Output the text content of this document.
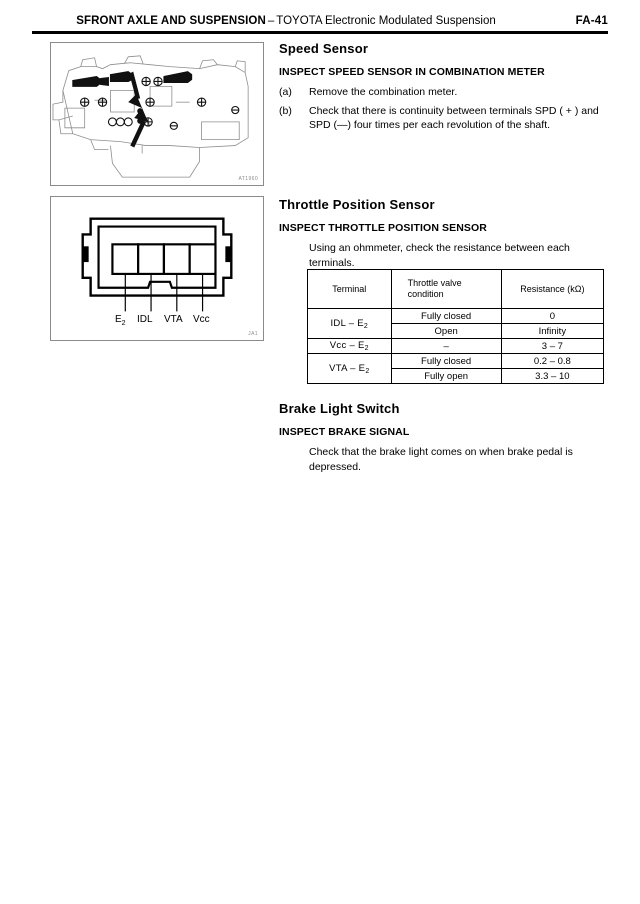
SFRONT AXLE AND SUSPENSION – TOYOTA Electronic Modulated Suspension	FA-41
AT1960
$E_2$ IDL VTA Vcc
JA1
Speed Sensor
INSPECT SPEED SENSOR IN COMBINATION METER
(a)	Remove the combination meter.
(b)	Check that there is continuity between terminals SPD ( + ) and SPD (—) four times per each revolution of the shaft.
Throttle Position Sensor
INSPECT THROTTLE POSITION SENSOR
Using an ohmmeter, check the resistance between each terminals.
Terminal	Throttle valve condition	Resistance (kΩ)
IDL – $E_2$	Fully closed	0
	Open	Infinity
Vcc – $E_2$	–	3 – 7
VTA – $E_2$	Fully closed	0.2 – 0.8
	Fully open	3.3 – 10
Brake Light Switch
INSPECT BRAKE SIGNAL
Check that the brake light comes on when brake pedal is depressed.
